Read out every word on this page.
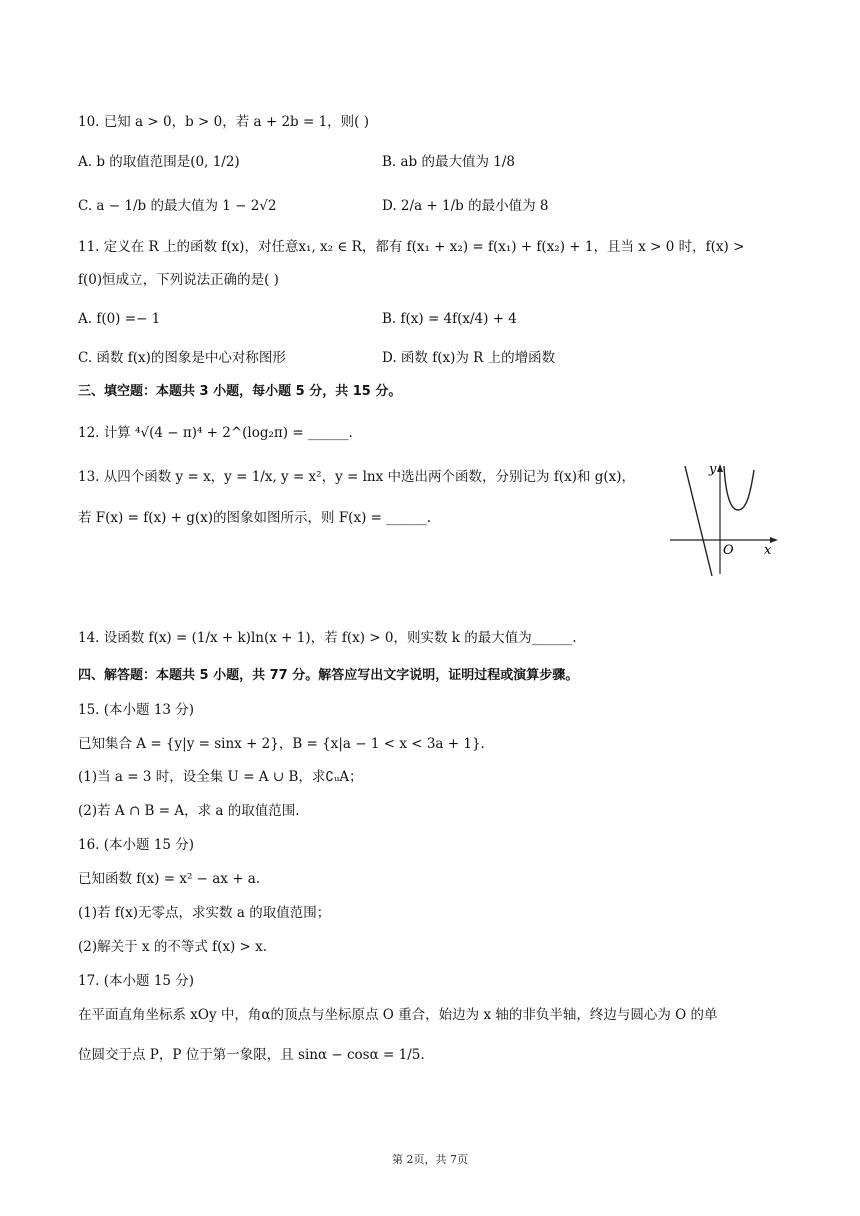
10. 已知 a > 0，b > 0，若 a + 2b = 1，则( )
A. b 的取值范围是(0, 1/2)	B. ab 的最大值为 1/8
C. a − 1/b 的最大值为 1 − 2√2	D. 2/a + 1/b 的最小值为 8
11. 定义在 R 上的函数 f(x)，对任意x₁, x₂ ∈ R，都有 f(x₁ + x₂) = f(x₁) + f(x₂) + 1，且当 x > 0 时，f(x) >
f(0)恒成立，下列说法正确的是( )
A. f(0) =− 1	B. f(x) = 4f(x/4) + 4
C. 函数 f(x)的图象是中心对称图形	D. 函数 f(x)为 R 上的增函数
三、填空题：本题共 3 小题，每小题 5 分，共 15 分。
12. 计算 ⁴√(4 − π)⁴ + 2^(log₂π) = ______.
13. 从四个函数 y = x，y = 1/x, y = x²，y = lnx 中选出两个函数，分别记为 f(x)和 g(x)，
若 F(x) = f(x) + g(x)的图象如图所示，则 F(x) = ______.
y
x
O
14. 设函数 f(x) = (1/x + k)ln(x + 1)，若 f(x) > 0，则实数 k 的最大值为______.
四、解答题：本题共 5 小题，共 77 分。解答应写出文字说明，证明过程或演算步骤。
15. (本小题 13 分)
已知集合 A = {y|y = sinx + 2}，B = {x|a − 1 < x < 3a + 1}.
(1)当 a = 3 时，设全集 U = A ∪ B，求∁ᵤA；
(2)若 A ∩ B = A，求 a 的取值范围.
16. (本小题 15 分)
已知函数 f(x) = x² − ax + a.
(1)若 f(x)无零点，求实数 a 的取值范围；
(2)解关于 x 的不等式 f(x) > x.
17. (本小题 15 分)
在平面直角坐标系 xOy 中，角α的顶点与坐标原点 O 重合，始边为 x 轴的非负半轴，终边与圆心为 O 的单
位圆交于点 P，P 位于第一象限，且 sinα − cosα = 1/5.
第 2页，共 7页
